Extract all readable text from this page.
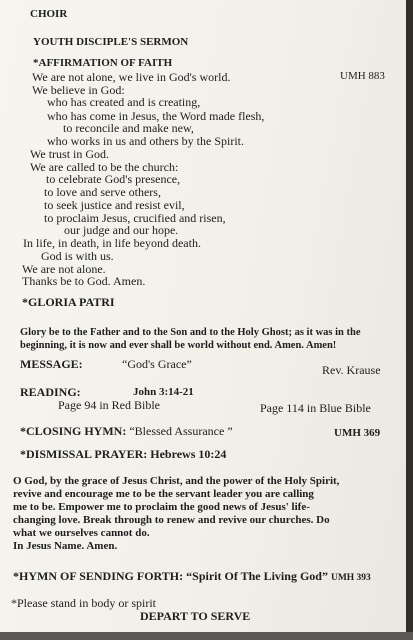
CHOIR
YOUTH DISCIPLE'S SERMON
*AFFIRMATION OF FAITH
UMH 883
We are not alone, we live in God's world.
We believe in God:
who has created and is creating,
who has come in Jesus, the Word made flesh,
to reconcile and make new,
who works in us and others by the Spirit.
We trust in God.
We are called to be the church:
to celebrate God's presence,
to love and serve others,
to seek justice and resist evil,
to proclaim Jesus, crucified and risen,
our judge and our hope.
In life, in death, in life beyond death.
God is with us.
We are not alone.
Thanks be to God. Amen.
*GLORIA PATRI
Glory be to the Father and to the Son and to the Holy Ghost; as it was in the
beginning, it is now and ever shall be world without end. Amen. Amen!
MESSAGE:	“God's Grace”	Rev. Krause
READING:	John 3:14-21
Page 94 in Red Bible	Page 114 in Blue Bible
*CLOSING HYMN: “Blessed Assurance ”	UMH 369
*DISMISSAL PRAYER: Hebrews 10:24
O God, by the grace of Jesus Christ, and the power of the Holy Spirit,
revive and encourage me to be the servant leader you are calling
me to be. Empower me to proclaim the good news of Jesus' life-
changing love. Break through to renew and revive our churches. Do
what we ourselves cannot do.
In Jesus Name. Amen.
*HYMN OF SENDING FORTH: “Spirit Of The Living God” UMH 393
*Please stand in body or spirit
DEPART TO SERVE
